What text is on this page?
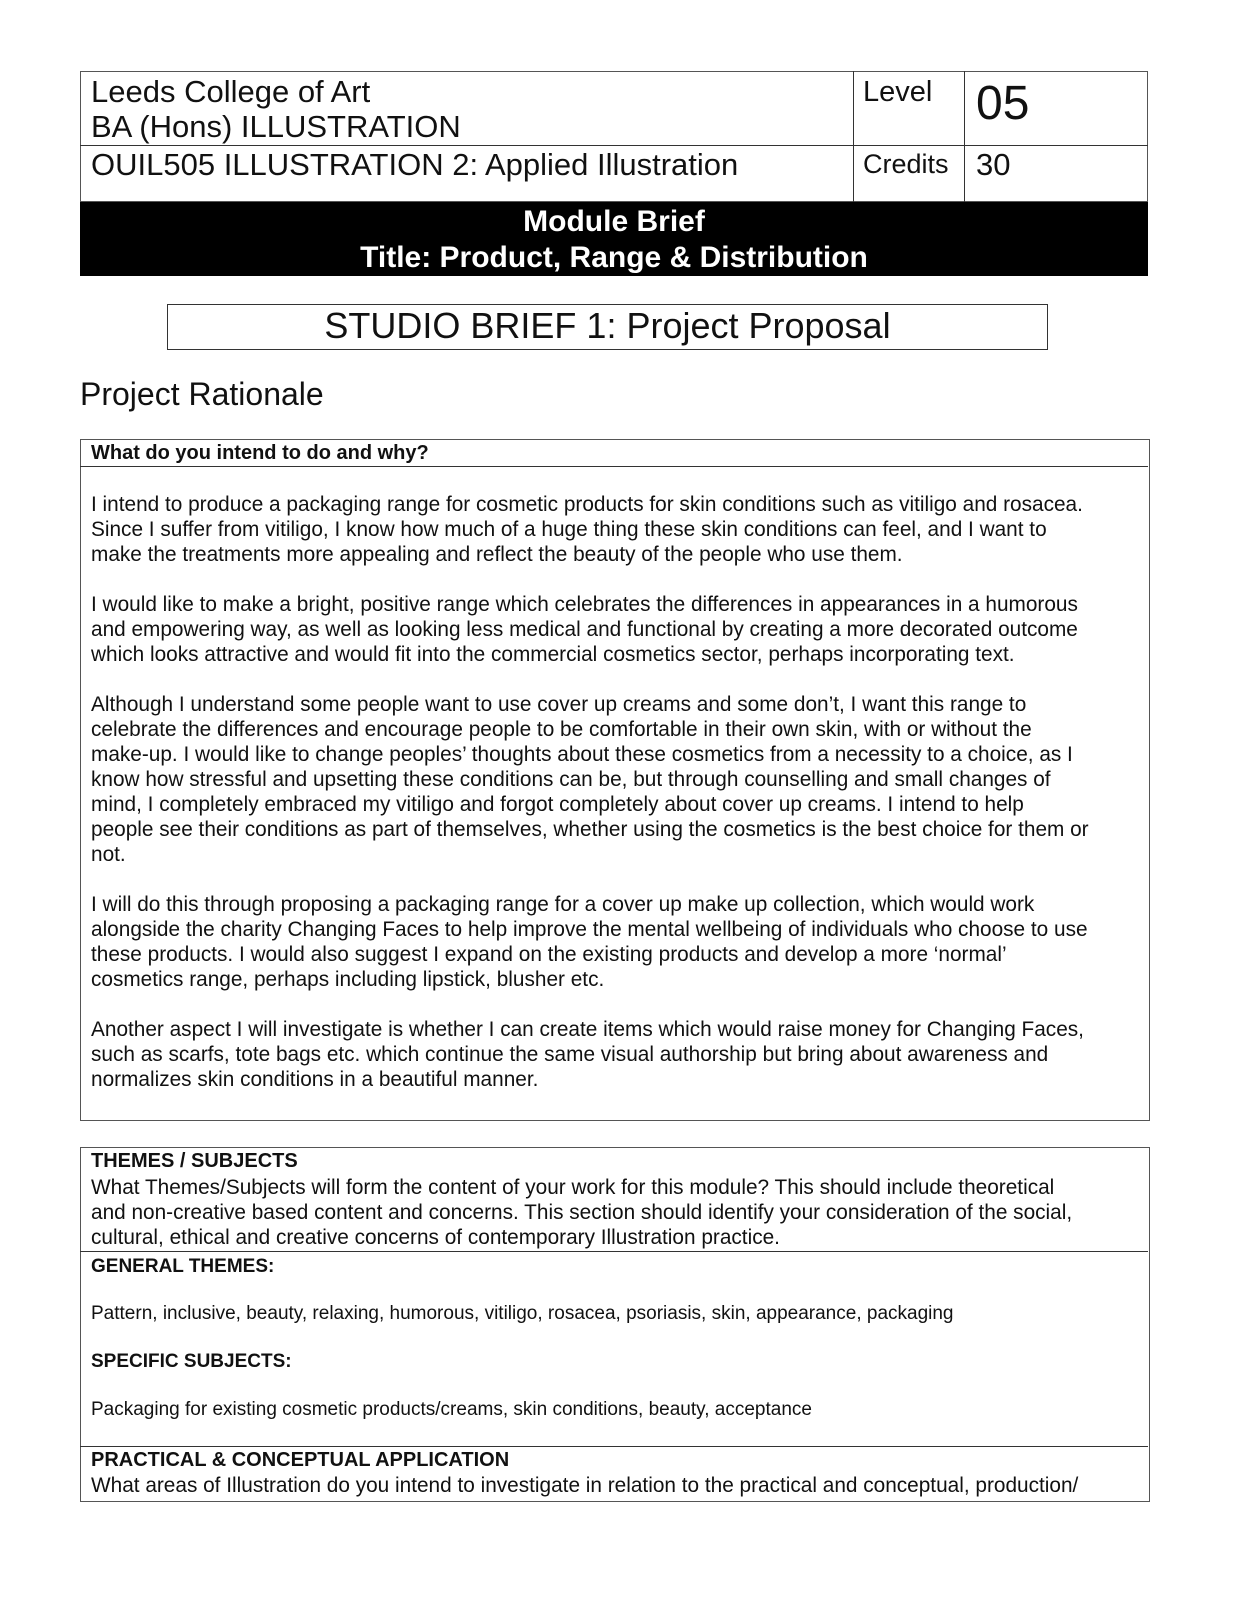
Leeds College of Art
BA (Hons) ILLUSTRATION
OUIL505 ILLUSTRATION 2: Applied Illustration
Level 05
Credits 30
Module Brief
Title: Product, Range & Distribution
STUDIO BRIEF 1: Project Proposal
Project Rationale
What do you intend to do and why?
I intend to produce a packaging range for cosmetic products for skin conditions such as vitiligo and rosacea.
Since I suffer from vitiligo, I know how much of a huge thing these skin conditions can feel, and I want to
make the treatments more appealing and reflect the beauty of the people who use them.
I would like to make a bright, positive range which celebrates the differences in appearances in a humorous
and empowering way, as well as looking less medical and functional by creating a more decorated outcome
which looks attractive and would fit into the commercial cosmetics sector, perhaps incorporating text.
Although I understand some people want to use cover up creams and some don’t, I want this range to
celebrate the differences and encourage people to be comfortable in their own skin, with or without the
make-up. I would like to change peoples’ thoughts about these cosmetics from a necessity to a choice, as I
know how stressful and upsetting these conditions can be, but through counselling and small changes of
mind, I completely embraced my vitiligo and forgot completely about cover up creams. I intend to help
people see their conditions as part of themselves, whether using the cosmetics is the best choice for them or
not.
I will do this through proposing a packaging range for a cover up make up collection, which would work
alongside the charity Changing Faces to help improve the mental wellbeing of individuals who choose to use
these products. I would also suggest I expand on the existing products and develop a more ‘normal’
cosmetics range, perhaps including lipstick, blusher etc.
Another aspect I will investigate is whether I can create items which would raise money for Changing Faces,
such as scarfs, tote bags etc. which continue the same visual authorship but bring about awareness and
normalizes skin conditions in a beautiful manner.
THEMES / SUBJECTS
What Themes/Subjects will form the content of your work for this module? This should include theoretical
and non-creative based content and concerns. This section should identify your consideration of the social,
cultural, ethical and creative concerns of contemporary Illustration practice.
GENERAL THEMES:
Pattern, inclusive, beauty, relaxing, humorous, vitiligo, rosacea, psoriasis, skin, appearance, packaging
SPECIFIC SUBJECTS:
Packaging for existing cosmetic products/creams, skin conditions, beauty, acceptance
PRACTICAL & CONCEPTUAL APPLICATION
What areas of Illustration do you intend to investigate in relation to the practical and conceptual, production/
